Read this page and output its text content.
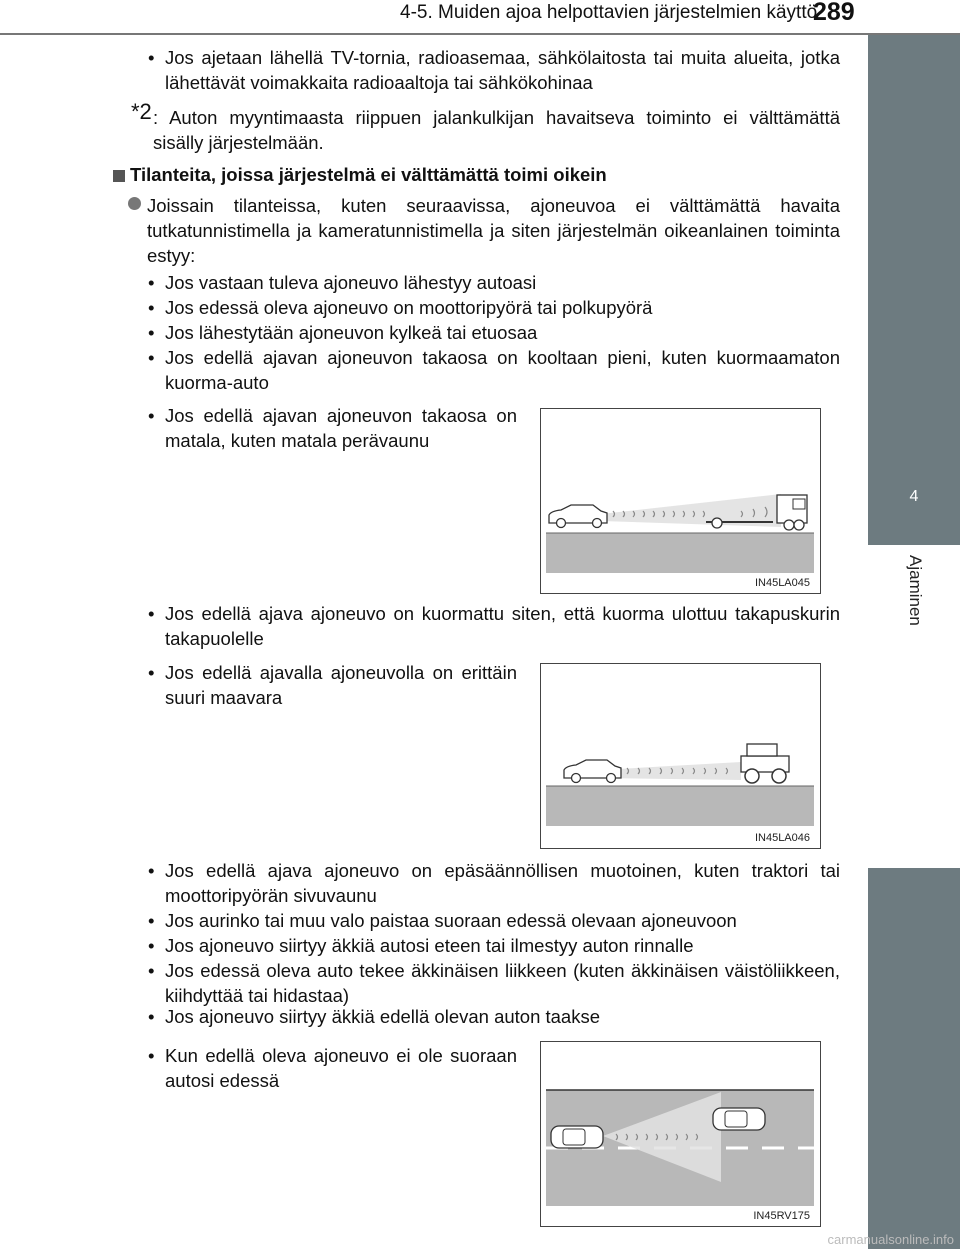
4-5. Muiden ajoa helpottavien järjestelmien käyttö
289
4
Ajaminen
• Jos ajetaan lähellä TV-tornia, radioasemaa, sähkölaitosta tai muita alueita, jotka lähettävät voimakkaita radioaaltoja tai sähkökohinaa
*2 : Auton myyntimaasta riippuen jalankulkijan havaitseva toiminto ei välttämättä sisälly järjestelmään.
Tilanteita, joissa järjestelmä ei välttämättä toimi oikein
Joissain tilanteissa, kuten seuraavissa, ajoneuvoa ei välttämättä havaita tutkatunnistimella ja kameratunnistimella ja siten järjestelmän oikeanlainen toiminta estyy:
• Jos vastaan tuleva ajoneuvo lähestyy autoasi
• Jos edessä oleva ajoneuvo on moottoripyörä tai polkupyörä
• Jos lähestytään ajoneuvon kylkeä tai etuosaa
• Jos edellä ajavan ajoneuvon takaosa on kooltaan pieni, kuten kuormaamaton kuorma-auto
• Jos edellä ajavan ajoneuvon takaosa on matala, kuten matala perävaunu
IN45LA045
• Jos edellä ajava ajoneuvo on kuormattu siten, että kuorma ulottuu takapuskurin takapuolelle
• Jos edellä ajavalla ajoneuvolla on erittäin suuri maavara
IN45LA046
• Jos edellä ajava ajoneuvo on epäsäännöllisen muotoinen, kuten traktori tai moottoripyörän sivuvaunu
• Jos aurinko tai muu valo paistaa suoraan edessä olevaan ajoneuvoon
• Jos ajoneuvo siirtyy äkkiä autosi eteen tai ilmestyy auton rinnalle
• Jos edessä oleva auto tekee äkkinäisen liikkeen (kuten äkkinäisen väistöliikkeen, kiihdyttää tai hidastaa)
• Jos ajoneuvo siirtyy äkkiä edellä olevan auton taakse
• Kun edellä oleva ajoneuvo ei ole suoraan autosi edessä
IN45RV175
carmanualsonline.info
